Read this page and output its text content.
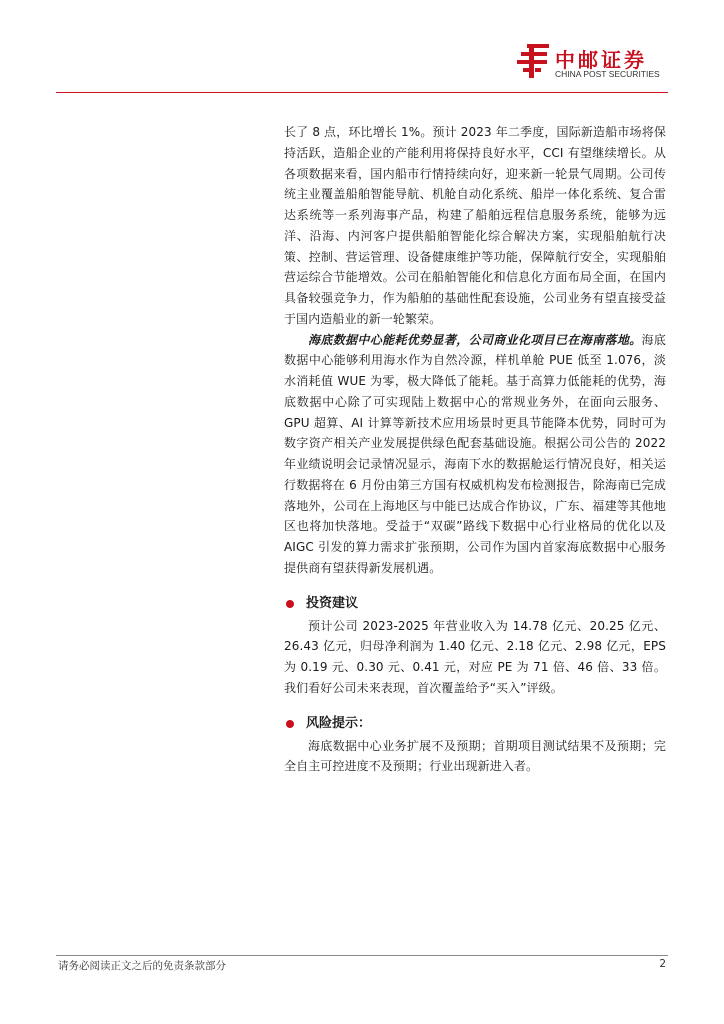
中邮证券
CHINA POST SECURITIES

长了 8 点，环比增长 1%。预计 2023 年二季度，国际新造船市场将保持活跃，造船企业的产能利用将保持良好水平，CCI 有望继续增长。从各项数据来看，国内船市行情持续向好，迎来新一轮景气周期。公司传统主业覆盖船舶智能导航、机舱自动化系统、船岸一体化系统、复合雷达系统等一系列海事产品，构建了船舶远程信息服务系统，能够为远洋、沿海、内河客户提供船舶智能化综合解决方案，实现船舶航行决策、控制、营运管理、设备健康维护等功能，保障航行安全，实现船舶营运综合节能增效。公司在船舶智能化和信息化方面布局全面，在国内具备较强竞争力，作为船舶的基础性配套设施，公司业务有望直接受益于国内造船业的新一轮繁荣。

海底数据中心能耗优势显著，公司商业化项目已在海南落地。海底数据中心能够利用海水作为自然冷源，样机单舱 PUE 低至 1.076，淡水消耗值 WUE 为零，极大降低了能耗。基于高算力低能耗的优势，海底数据中心除了可实现陆上数据中心的常规业务外，在面向云服务、GPU 超算、AI 计算等新技术应用场景时更具节能降本优势，同时可为数字资产相关产业发展提供绿色配套基础设施。根据公司公告的 2022 年业绩说明会记录情况显示，海南下水的数据舱运行情况良好，相关运行数据将在 6 月份由第三方国有权威机构发布检测报告，除海南已完成落地外，公司在上海地区与中能已达成合作协议，广东、福建等其他地区也将加快落地。受益于“双碳”路线下数据中心行业格局的优化以及 AIGC 引发的算力需求扩张预期，公司作为国内首家海底数据中心服务提供商有望获得新发展机遇。

投资建议

预计公司 2023-2025 年营业收入为 14.78 亿元、20.25 亿元、26.43 亿元，归母净利润为 1.40 亿元、2.18 亿元、2.98 亿元，EPS 为 0.19 元、0.30 元、0.41 元，对应 PE 为 71 倍、46 倍、33 倍。我们看好公司未来表现，首次覆盖给予“买入”评级。

风险提示：

海底数据中心业务扩展不及预期；首期项目测试结果不及预期；完全自主可控进度不及预期；行业出现新进入者。

请务必阅读正文之后的免责条款部分	2
